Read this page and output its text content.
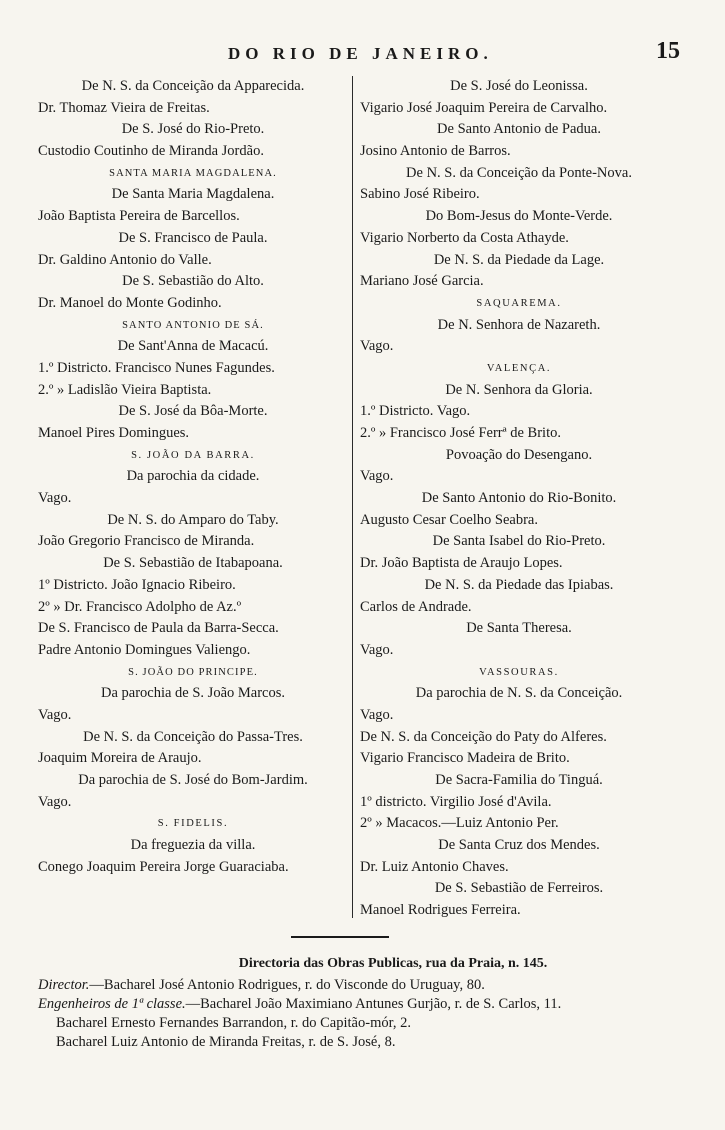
DO RIO DE JANEIRO.	15
De N. S. da Conceição da Apparecida.
Dr. Thomaz Vieira de Freitas.
De S. José do Rio-Preto.
Custodio Coutinho de Miranda Jordão.
SANTA MARIA MAGDALENA.
De Santa Maria Magdalena.
João Baptista Pereira de Barcellos.
De S. Francisco de Paula.
Dr. Galdino Antonio do Valle.
De S. Sebastião do Alto.
Dr. Manoel do Monte Godinho.
SANTO ANTONIO DE SÁ.
De Sant'Anna de Macacú.
1.º Districto. Francisco Nunes Fagundes.
2.º » Ladislão Vieira Baptista.
De S. José da Bôa-Morte.
Manoel Pires Domingues.
S. JOÃO DA BARRA.
Da parochia da cidade.
Vago.
De N. S. do Amparo do Taby.
João Gregorio Francisco de Miranda.
De S. Sebastião de Itabapoana.
1º Districto. João Ignacio Ribeiro.
2º » Dr. Francisco Adolpho de Az.º
De S. Francisco de Paula da Barra-Secca.
Padre Antonio Domingues Valiengo.
S. JOÃO DO PRINCIPE.
Da parochia de S. João Marcos.
Vago.
De N. S. da Conceição do Passa-Tres.
Joaquim Moreira de Araujo.
Da parochia de S. José do Bom-Jardim.
Vago.
S. FIDELIS.
Da freguezia da villa.
Conego Joaquim Pereira Jorge Guaraciaba.
De S. José do Leonissa.
Vigario José Joaquim Pereira de Carvalho.
De Santo Antonio de Padua.
Josino Antonio de Barros.
De N. S. da Conceição da Ponte-Nova.
Sabino José Ribeiro.
Do Bom-Jesus do Monte-Verde.
Vigario Norberto da Costa Athayde.
De N. S. da Piedade da Lage.
Mariano José Garcia.
SAQUAREMA.
De N. Senhora de Nazareth.
Vago.
VALENÇA.
De N. Senhora da Gloria.
1.º Districto. Vago.
2.º » Francisco José Ferrª de Brito.
Povoação do Desengano.
Vago.
De Santo Antonio do Rio-Bonito.
Augusto Cesar Coelho Seabra.
De Santa Isabel do Rio-Preto.
Dr. João Baptista de Araujo Lopes.
De N. S. da Piedade das Ipiabas.
Carlos de Andrade.
De Santa Theresa.
Vago.
VASSOURAS.
Da parochia de N. S. da Conceição.
Vago.
De N. S. da Conceição do Paty do Alferes.
Vigario Francisco Madeira de Brito.
De Sacra-Familia do Tinguá.
1º districto. Virgilio José d'Avila.
2º » Macacos.—Luiz Antonio Per.
De Santa Cruz dos Mendes.
Dr. Luiz Antonio Chaves.
De S. Sebastião de Ferreiros.
Manoel Rodrigues Ferreira.
Directoria das Obras Publicas, rua da Praia, n. 145.
Director.—Bacharel José Antonio Rodrigues, r. do Visconde do Uruguay, 80.
Engenheiros de 1ª classe.—Bacharel João Maximiano Antunes Gurjão, r. de S. Carlos, 11.
Bacharel Ernesto Fernandes Barrandon, r. do Capitão-mór, 2.
Bacharel Luiz Antonio de Miranda Freitas, r. de S. José, 8.
